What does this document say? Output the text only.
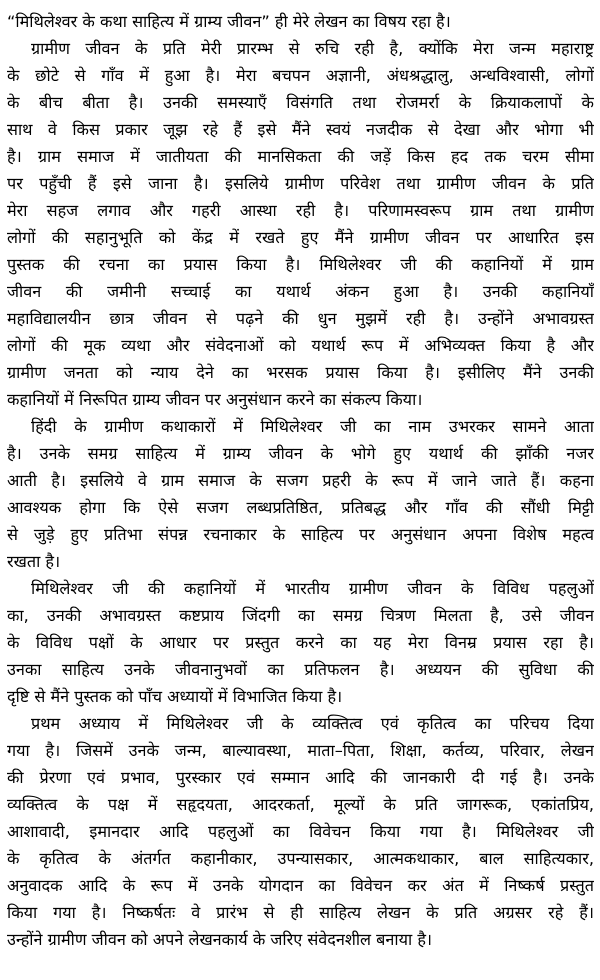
“मिथिलेश्वर के कथा साहित्य में ग्राम्य जीवन” ही मेरे लेखन का विषय रहा है।
ग्रामीण जीवन के प्रति मेरी प्रारम्भ से रुचि रही है, क्योंकि मेरा जन्म महाराष्ट्र
के छोटे से गाँव में हुआ है। मेरा बचपन अज्ञानी, अंधश्रद्धालु, अन्धविश्वासी, लोगों
के बीच बीता है। उनकी समस्याएँ विसंगति तथा रोजमर्रा के क्रियाकलापों के
साथ वे किस प्रकार जूझ रहे हैं इसे मैंने स्वयं नजदीक से देखा और भोगा भी
है। ग्राम समाज में जातीयता की मानसिकता की जड़ें किस हद तक चरम सीमा
पर पहुँची हैं इसे जाना है। इसलिये ग्रामीण परिवेश तथा ग्रामीण जीवन के प्रति
मेरा सहज लगाव और गहरी आस्था रही है। परिणामस्वरूप ग्राम तथा ग्रामीण
लोगों की सहानुभूति को केंद्र में रखते हुए मैंने ग्रामीण जीवन पर आधारित इस
पुस्तक की रचना का प्रयास किया है। मिथिलेश्वर जी की कहानियों में ग्राम
जीवन की जमीनी सच्चाई का यथार्थ अंकन हुआ है। उनकी कहानियाँ
महाविद्यालयीन छात्र जीवन से पढ़ने की धुन मुझमें रही है। उन्होंने अभावग्रस्त
लोगों की मूक व्यथा और संवेदनाओं को यथार्थ रूप में अभिव्यक्त किया है और
ग्रामीण जनता को न्याय देने का भरसक प्रयास किया है। इसीलिए मैंने उनकी
कहानियों में निरूपित ग्राम्य जीवन पर अनुसंधान करने का संकल्प किया।
हिंदी के ग्रामीण कथाकारों में मिथिलेश्वर जी का नाम उभरकर सामने आता
है। उनके समग्र साहित्य में ग्राम्य जीवन के भोगे हुए यथार्थ की झाँकी नजर
आती है। इसलिये वे ग्राम समाज के सजग प्रहरी के रूप में जाने जाते हैं। कहना
आवश्यक होगा कि ऐसे सजग लब्धप्रतिष्ठित, प्रतिबद्ध और गाँव की सौंधी मिट्टी
से जुड़े हुए प्रतिभा संपन्न रचनाकार के साहित्य पर अनुसंधान अपना विशेष महत्व
रखता है।
मिथिलेश्वर जी की कहानियों में भारतीय ग्रामीण जीवन के विविध पहलुओं
का, उनकी अभावग्रस्त कष्टप्राय जिंदगी का समग्र चित्रण मिलता है, उसे जीवन
के विविध पक्षों के आधार पर प्रस्तुत करने का यह मेरा विनम्र प्रयास रहा है।
उनका साहित्य उनके जीवनानुभवों का प्रतिफलन है। अध्ययन की सुविधा की
दृष्टि से मैंने पुस्तक को पाँच अध्यायों में विभाजित किया है।
प्रथम अध्याय में मिथिलेश्वर जी के व्यक्तित्व एवं कृतित्व का परिचय दिया
गया है। जिसमें उनके जन्म, बाल्यावस्था, माता–पिता, शिक्षा, कर्तव्य, परिवार, लेखन
की प्रेरणा एवं प्रभाव, पुरस्कार एवं सम्मान आदि की जानकारी दी गई है। उनके
व्यक्तित्व के पक्ष में सहृदयता, आदरकर्ता, मूल्यों के प्रति जागरूक, एकांतप्रिय,
आशावादी, इमानदार आदि पहलुओं का विवेचन किया गया है। मिथिलेश्वर जी
के कृतित्व के अंतर्गत कहानीकार, उपन्यासकार, आत्मकथाकार, बाल साहित्यकार,
अनुवादक आदि के रूप में उनके योगदान का विवेचन कर अंत में निष्कर्ष प्रस्तुत
किया गया है। निष्कर्षतः वे प्रारंभ से ही साहित्य लेखन के प्रति अग्रसर रहे हैं।
उन्होंने ग्रामीण जीवन को अपने लेखनकार्य के जरिए संवेदनशील बनाया है।
